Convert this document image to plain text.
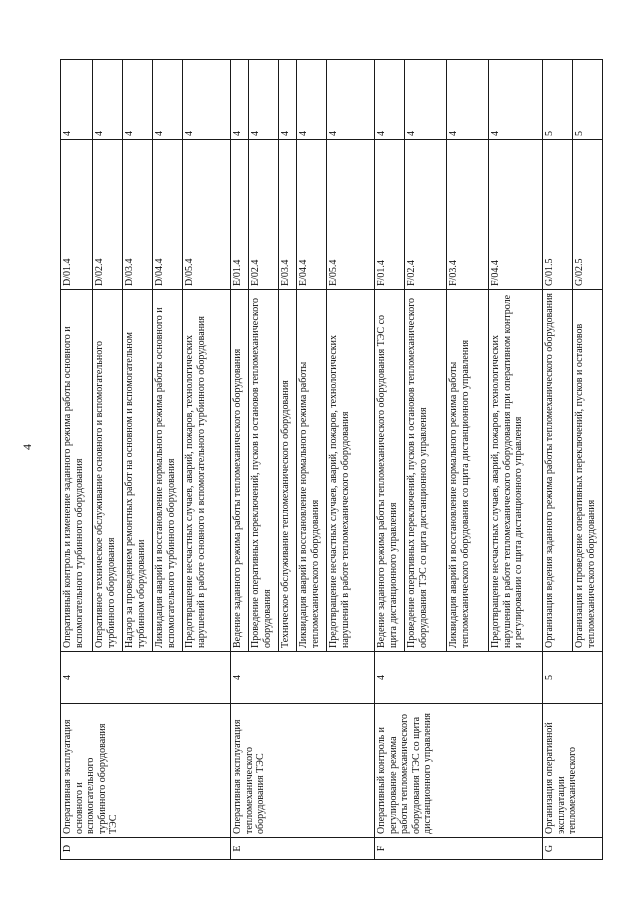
4
D	Оперативная эксплуатация основного и вспомогательного турбинного оборудования ТЭС	4	Оперативный контроль и изменение заданного режима работы основного и вспомогательного турбинного оборудования	D/01.4	4
			Оперативное техническое обслуживание основного и вспомогательного турбинного оборудования	D/02.4	4
			Надзор за проведением ремонтных работ на основном и вспомогательном турбинном оборудовании	D/03.4	4
			Ликвидация аварий и восстановление нормального режима работы основного и вспомогательного турбинного оборудования	D/04.4	4
			Предотвращение несчастных случаев, аварий, пожаров, технологических нарушений в работе основного и вспомогательного турбинного оборудования	D/05.4	4
E	Оперативная эксплуатация тепломеханического оборудования ТЭС	4	Ведение заданного режима работы тепломеханического оборудования	E/01.4	4
			Проведение оперативных переключений, пусков и остановов тепломеханического оборудования	E/02.4	4
			Техническое обслуживание тепломеханического оборудования	E/03.4	4
			Ликвидация аварий и восстановление нормального режима работы тепломеханического оборудования	E/04.4	4
			Предотвращение несчастных случаев, аварий, пожаров, технологических нарушений в работе тепломеханического оборудования	E/05.4	4
F	Оперативный контроль и регулирование режима работы тепломеханического оборудования ТЭС со щита дистанционного управления	4	Ведение заданного режима работы тепломеханического оборудования ТЭС со щита дистанционного управления	F/01.4	4
			Проведение оперативных переключений, пусков и остановов тепломеханического оборудования ТЭС со щита дистанционного управления	F/02.4	4
			Ликвидация аварий и восстановление нормального режима работы тепломеханического оборудования со щита дистанционного управления	F/03.4	4
			Предотвращение несчастных случаев, аварий, пожаров, технологических нарушений в работе тепломеханического оборудования при оперативном контроле и регулировании со щита дистанционного управления	F/04.4	4
G	Организация оперативной эксплуатации тепломеханического	5	Организация ведения заданного режима работы тепломеханического оборудования	G/01.5	5
			Организация и проведение оперативных переключений, пусков и остановов тепломеханического оборудования	G/02.5	5
